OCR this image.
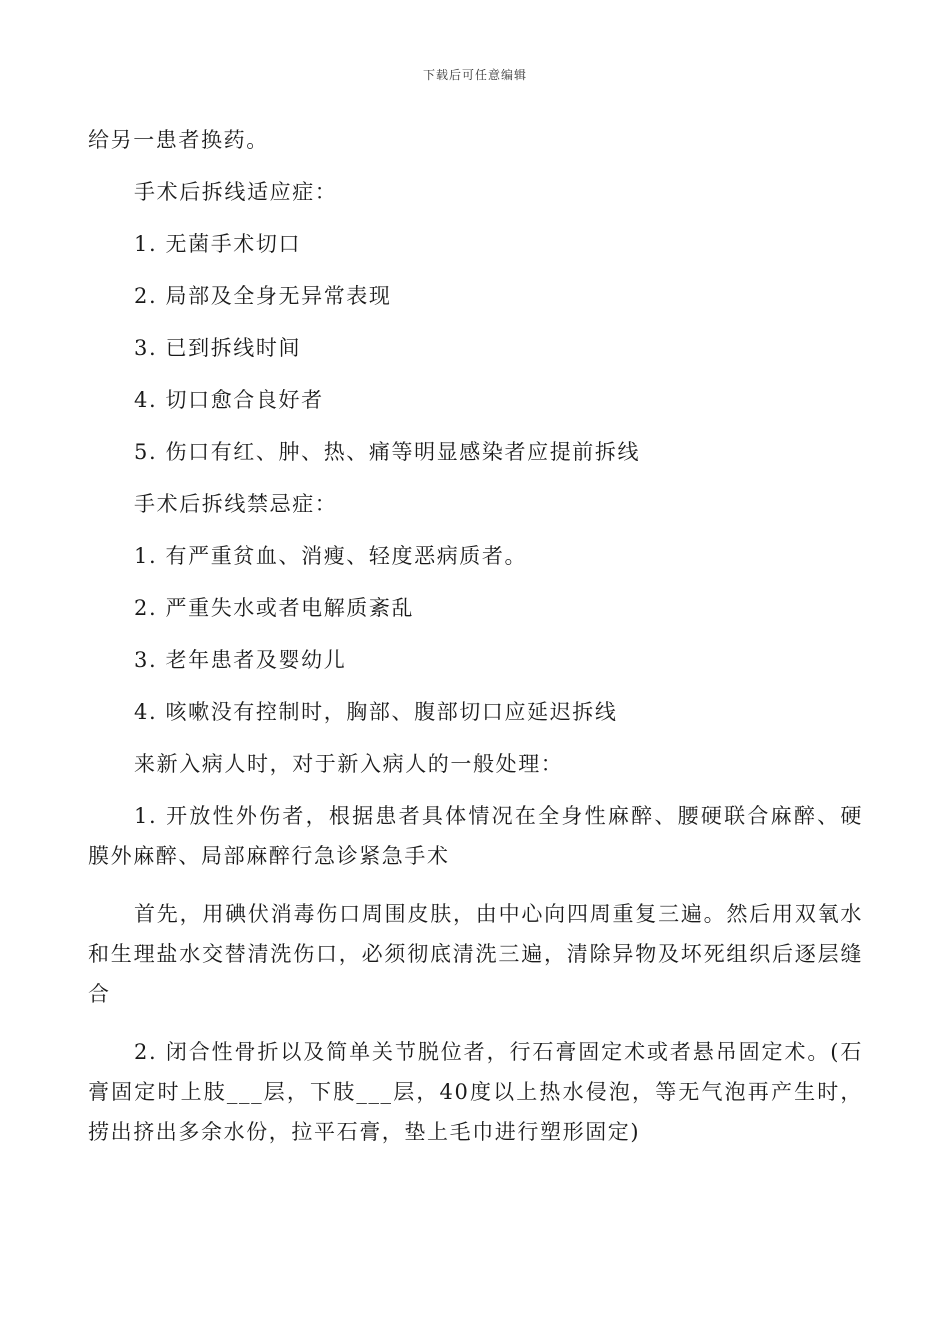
下载后可任意编辑

给另一患者换药。

手术后拆线适应症：

1. 无菌手术切口

2. 局部及全身无异常表现

3. 已到拆线时间

4. 切口愈合良好者

5. 伤口有红、肿、热、痛等明显感染者应提前拆线

手术后拆线禁忌症：

1. 有严重贫血、消瘦、轻度恶病质者。

2. 严重失水或者电解质紊乱

3. 老年患者及婴幼儿

4. 咳嗽没有控制时，胸部、腹部切口应延迟拆线

来新入病人时，对于新入病人的一般处理：

1. 开放性外伤者，根据患者具体情况在全身性麻醉、腰硬联合麻醉、硬膜外麻醉、局部麻醉行急诊紧急手术

首先，用碘伏消毒伤口周围皮肤，由中心向四周重复三遍。然后用双氧水和生理盐水交替清洗伤口，必须彻底清洗三遍，清除异物及坏死组织后逐层缝合

2. 闭合性骨折以及简单关节脱位者，行石膏固定术或者悬吊固定术。(石膏固定时上肢___层，下肢___层，40度以上热水侵泡，等无气泡再产生时，捞出挤出多余水份，拉平石膏，垫上毛巾进行塑形固定)
